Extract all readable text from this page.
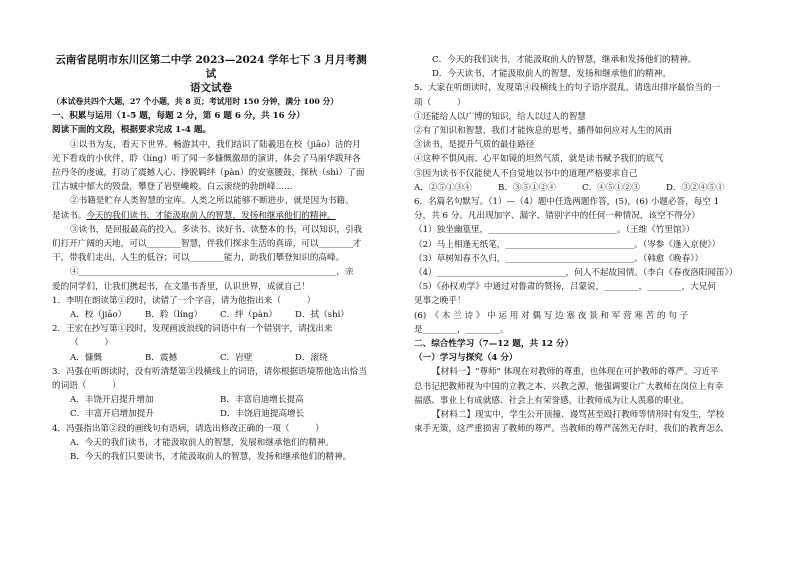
云南省昆明市东川区第二中学 2023—2024 学年七下 3 月月考测试
语文试卷
（本试卷共四个大题，27 个小题，共 8 页；考试用时 150 分钟，满分 100 分）
一、积累与运用（1-5 题，每题 2 分，第 6 题 6 分，共 16 分）
阅读下面的文段，根据要求完成 1-4 题。
①以书为友，看天下世界。畅游其中，我们结识了陆羲迅在校（jiāo）洁的月
光下看戏的小伙伴，聆（líng）听了闻一多慷慨激昂的演讲，体会了马丽华跋拜各
拉丹冬的虔诚，打动了震撼人心、挣脱羁绊（pàn）的安塞腰鼓，探秋（shì）了面
江古城中郁大的毁盘，攀登了岩壁巉峻、白云滚绕的勃朗峰……
②书籍是贮存人类智慧的宝库。人类之所以能够不断进步，就是因为书籍。
是读书。今天的我们读书，才能汲取前人的智慧，发扬和继承他们的精神。
③读书，是回报最高的投入。多读书、读好书、读整本的书，可以知识，引我
们打开广阔的天地，可以________智慧，伴我们探求生活的真谛，可以________才
干，带我们走出，人生的低谷；可以________能力，助我们攀登知识的高峰。
④____________________________________________________________，亲
爱的同学们，让我们携起书，在文墨书香里，认识世界，成就自己！
1．李明在朗读第①段时，读错了一个字音，请为他指出来（　　　）
A．校（jiāo）	B．聆（líng）	C．绊（pàn）	D．拭（shì）
2．王宏在抄写第①段时，发现画波浪线的词语中有一个错别字，请找出来
（　　　）
A．慷慨	B．震撼	C．岩壁	D．滚绕
3．冯强在听朗读时，没有听清楚第③段横线上的词语，请你根据语境帮他选出恰当
的词语（　　　）
A．丰饶开启提升增加	B．丰富启迪增长提高
C．丰富开启增加提升	D．丰饶启迪提高增长
4．冯强指出第②段的画线句有语病，请选出修改正确的一项（　　　）
A．今天的我们读书，才能汲取前人的智慧，发展和继承他们的精神。
B．今天的我们只要读书，才能汲取前人的智慧，发扬和继承他们的精神。
C．今天的我们读书，才能汲取前人的智慧，继承和发扬他们的精神。
D．今天读书，才能汲取前人的智慧，发扬和继承他们的精神。
5．大家在听朗读时，发现第④段横线上的句子语序混乱，请选出排序最恰当的一
项（　　　）
①还能给人以广博的知识，给人以过人的智慧
②有了知识和智慧，我们才能恢息的思考，播得如何应对人生的风雨
③读书，是提升气质的最佳路径
④这种不惧风雨、心平如镜的坦然气质，就是读书赋予我们的底气
⑤因为读书不仅能使人不自觉地以书中的道理严格要求自己
A．②⑤①③④	B．③⑤①②④	C．④⑤①②③	D．③②④⑤①
6．名篇名句默写。（1）—（4）题中任选两题作答，(5)，(6) 小题必答，每空 1
分，共 6 分。凡出现加字、漏字、错别字中的任何一种情况，该空不得分）
（1）独坐幽篁里，______________________________。（王维《竹里馆》）
（2）马上相逢无纸笔，______________________________。（岑参《逢入京使》）
（3）草树知春不久归，______________________________。（韩愈《晚春》）
（4）______________________________，何人不起故园情。（李白《春夜洛阳闻笛》）
（5）《孙权劝学》中通过对鲁肃的赞扬，吕蒙说，________，________，大兄何
见事之晚乎！
(6)　《 木 兰 诗 》 中 运 用 对 偶 写 边 塞 夜 景 和 军 营 寒 苦 的 句 子
是________，________。
二、综合性学习（7—12 题，共 12 分）
（一）学习与探究（4 分）
【材料一】“尊师” 体现在对教师的尊重，也体现在可护教师的尊严。习近平
总书记把教师视为中国的立教之本、兴教之源，他强调要让广大教师在岗位上有幸
福感、事业上有成就感、社会上有荣誉感，让教师成为让人羡慕的职业。
【材料二】现实中，学生公开顶撞、谩骂甚至殴打教师等情形时有发生，学校
束手无策，这严重损害了教师的尊严。当教师的尊严荡然无存时，我们的教育怎么
